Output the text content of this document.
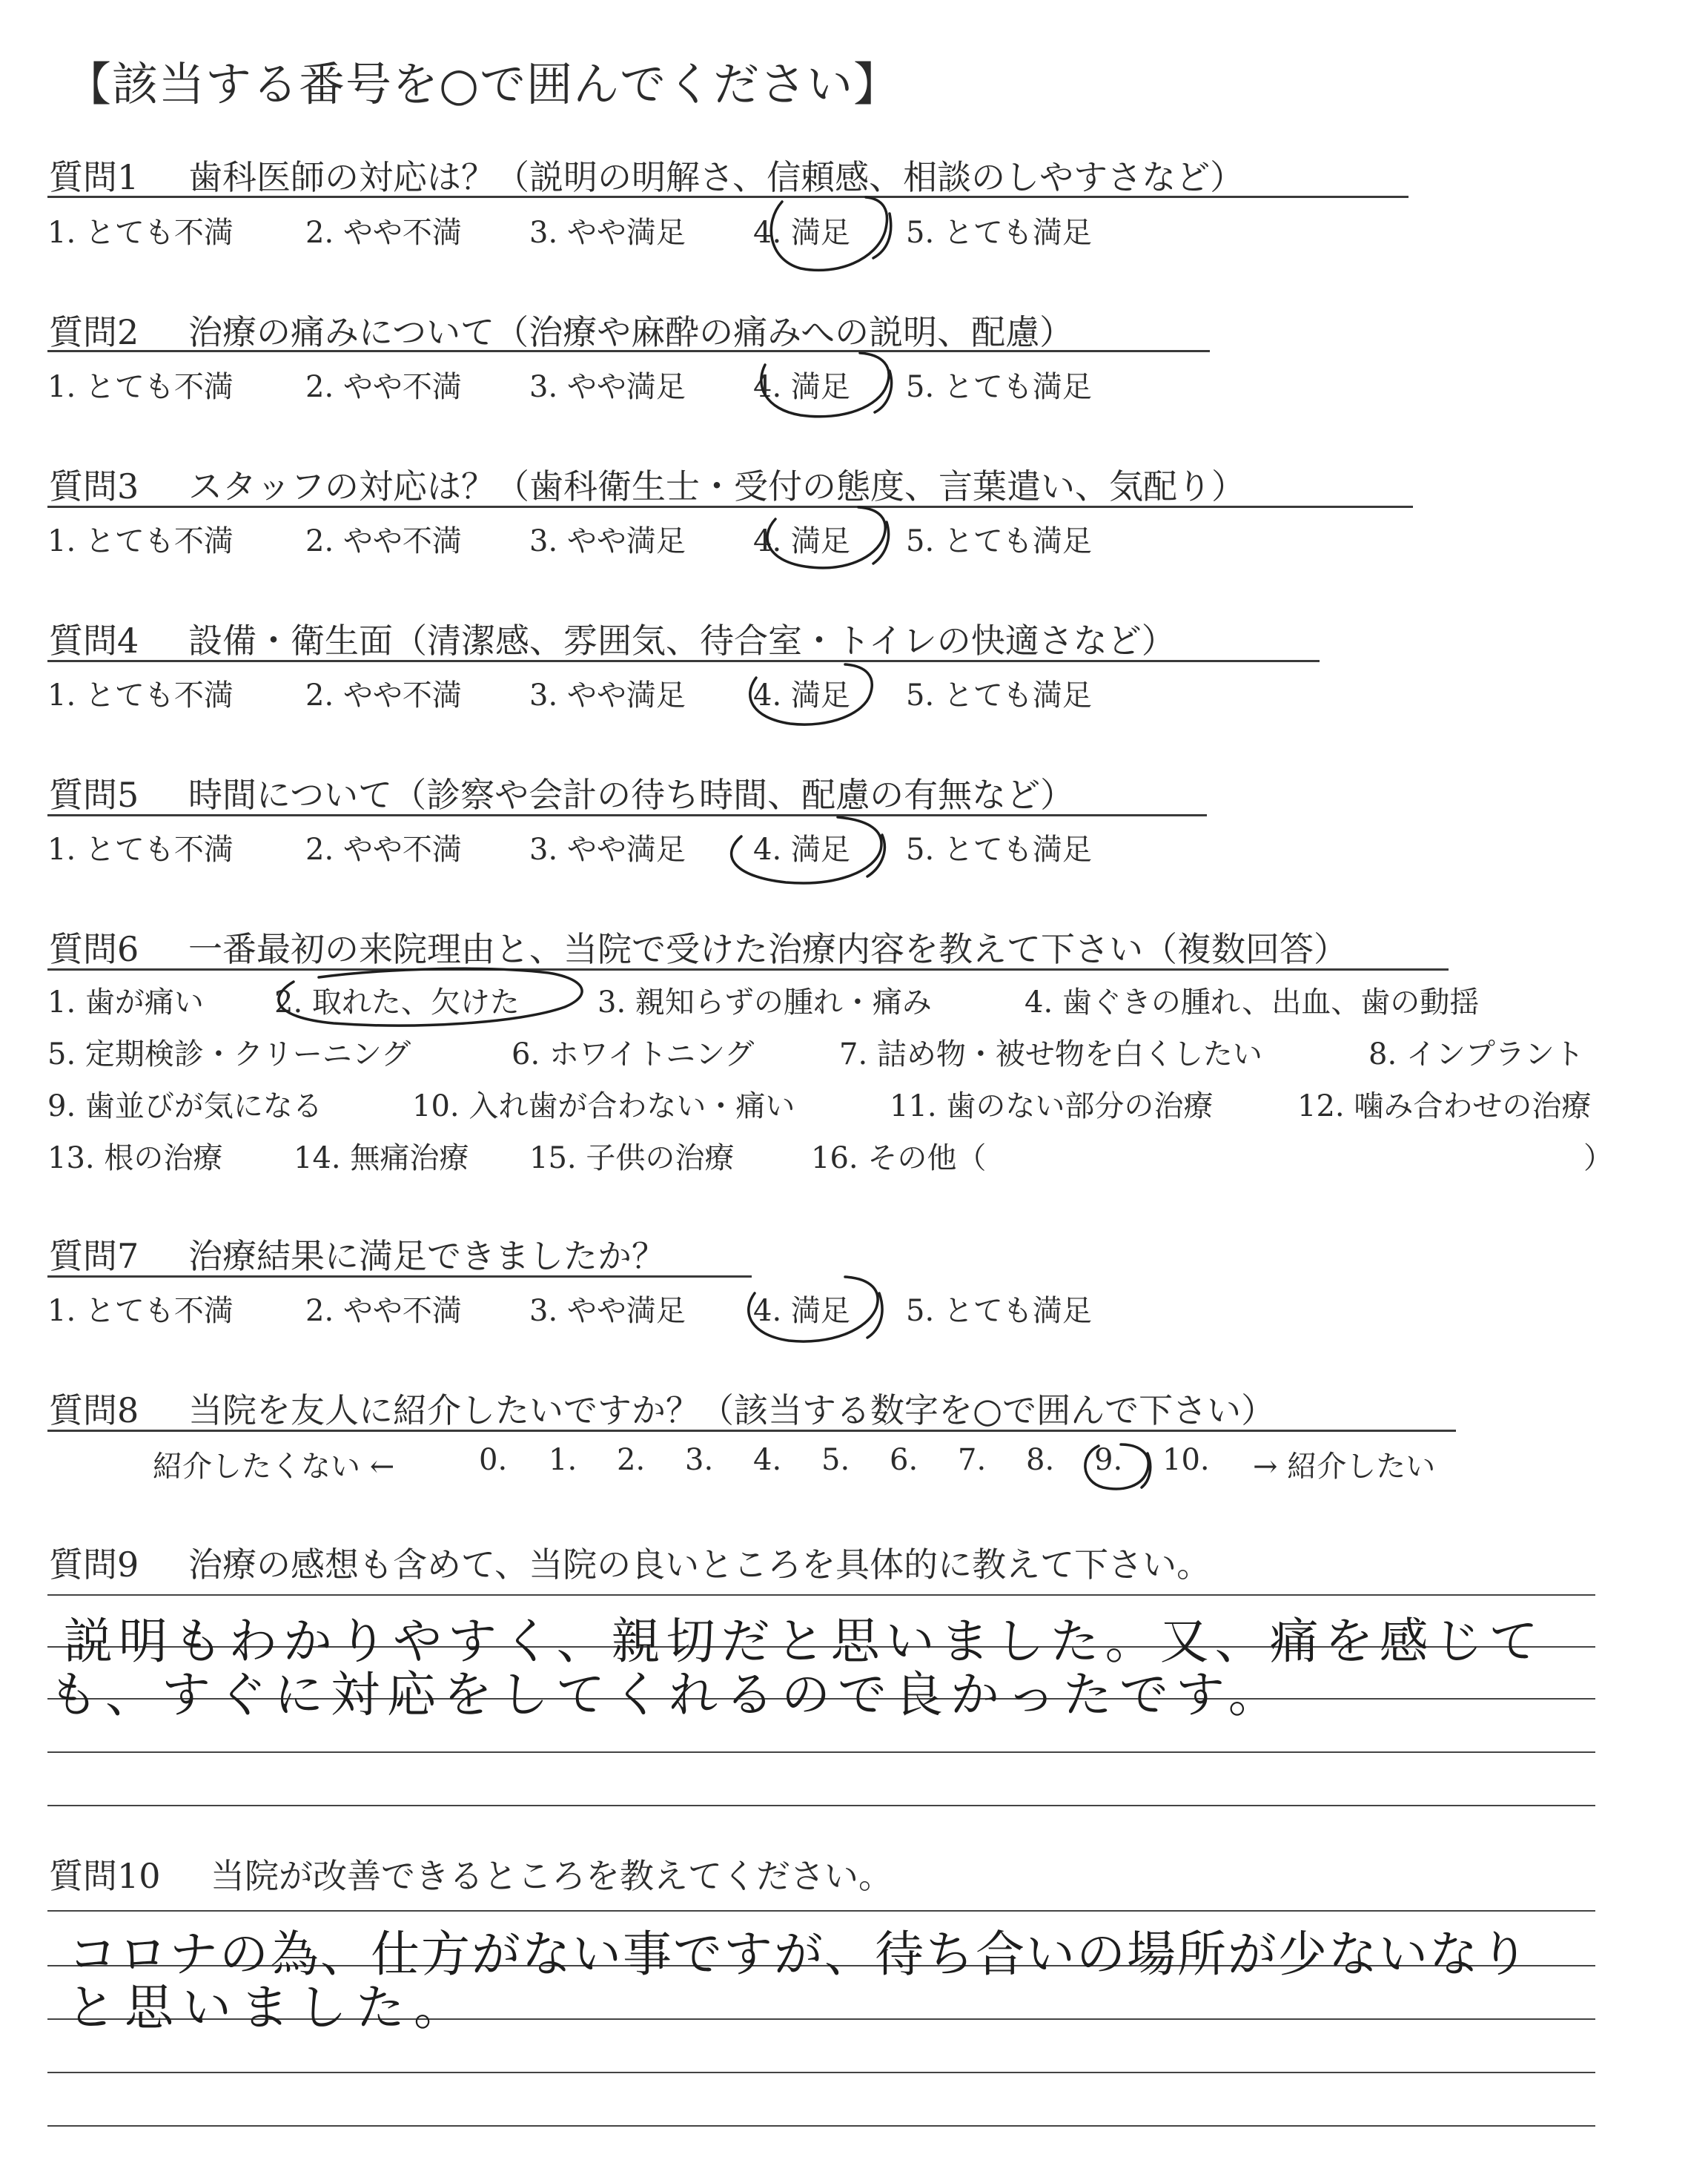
【該当する番号を○で囲んでください】
質問1 歯科医師の対応は？（説明の明解さ、信頼感、相談のしやすさなど）
1. とても不満 2. やや不満 3. やや満足 4. 満足 5. とても満足
質問2 治療の痛みについて（治療や麻酔の痛みへの説明、配慮）
1. とても不満 2. やや不満 3. やや満足 4. 満足 5. とても満足
質問3 スタッフの対応は？（歯科衛生士・受付の態度、言葉遣い、気配り）
1. とても不満 2. やや不満 3. やや満足 4. 満足 5. とても満足
質問4 設備・衛生面（清潔感、雰囲気、待合室・トイレの快適さなど）
1. とても不満 2. やや不満 3. やや満足 4. 満足 5. とても満足
質問5 時間について（診察や会計の待ち時間、配慮の有無など）
1. とても不満 2. やや不満 3. やや満足 4. 満足 5. とても満足
質問6 一番最初の来院理由と、当院で受けた治療内容を教えて下さい（複数回答）
1. 歯が痛い 2. 取れた、欠けた	3. 親知らずの腫れ・痛み	4. 歯ぐきの腫れ、出血、歯の動揺
5. 定期検診・クリーニング	6. ホワイトニング	7. 詰め物・被せ物を白くしたい	8. インプラント
9. 歯並びが気になる	10. 入れ歯が合わない・痛い	11. 歯のない部分の治療	12. 噛み合わせの治療
13. 根の治療 14. 無痛治療 15. 子供の治療	16. その他（	）
質問7 治療結果に満足できましたか？
1. とても不満 2. やや不満 3. やや満足 4. 満足 5. とても満足
質問8 当院を友人に紹介したいですか？（該当する数字を○で囲んで下さい）
紹介したくない ←	0. 1. 2. 3. 4. 5. 6. 7. 8. 9. 10. → 紹介したい
質問9 治療の感想も含めて、当院の良いところを具体的に教えて下さい。
説明もわかりやすく、親切だと思いました。又、痛を感じて
も、すぐに対応をしてくれるので良かったです。
質問10 当院が改善できるところを教えてください。
コロナの為、仕方がない事ですが、待ち合いの場所が少ないなり
と思いました。
